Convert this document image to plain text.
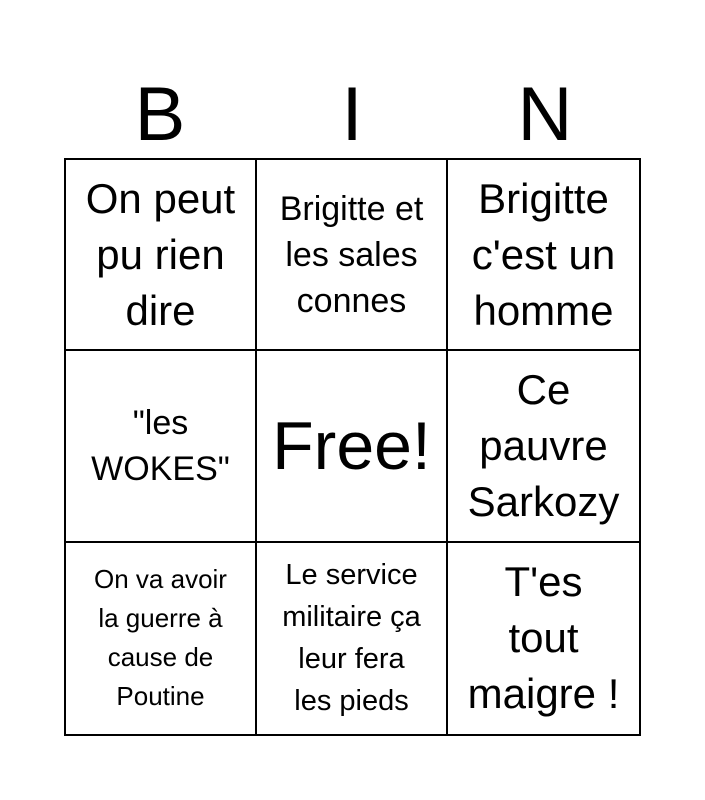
B	I	N
On peut
pu rien
dire
Brigitte et
les sales
connes
Brigitte
c'est un
homme
"les
WOKES" Free!
Ce
pauvre
Sarkozy
On va avoir
la guerre à
cause de
Poutine
Le service
militaire ça
leur fera
les pieds
T'es
tout
maigre !
